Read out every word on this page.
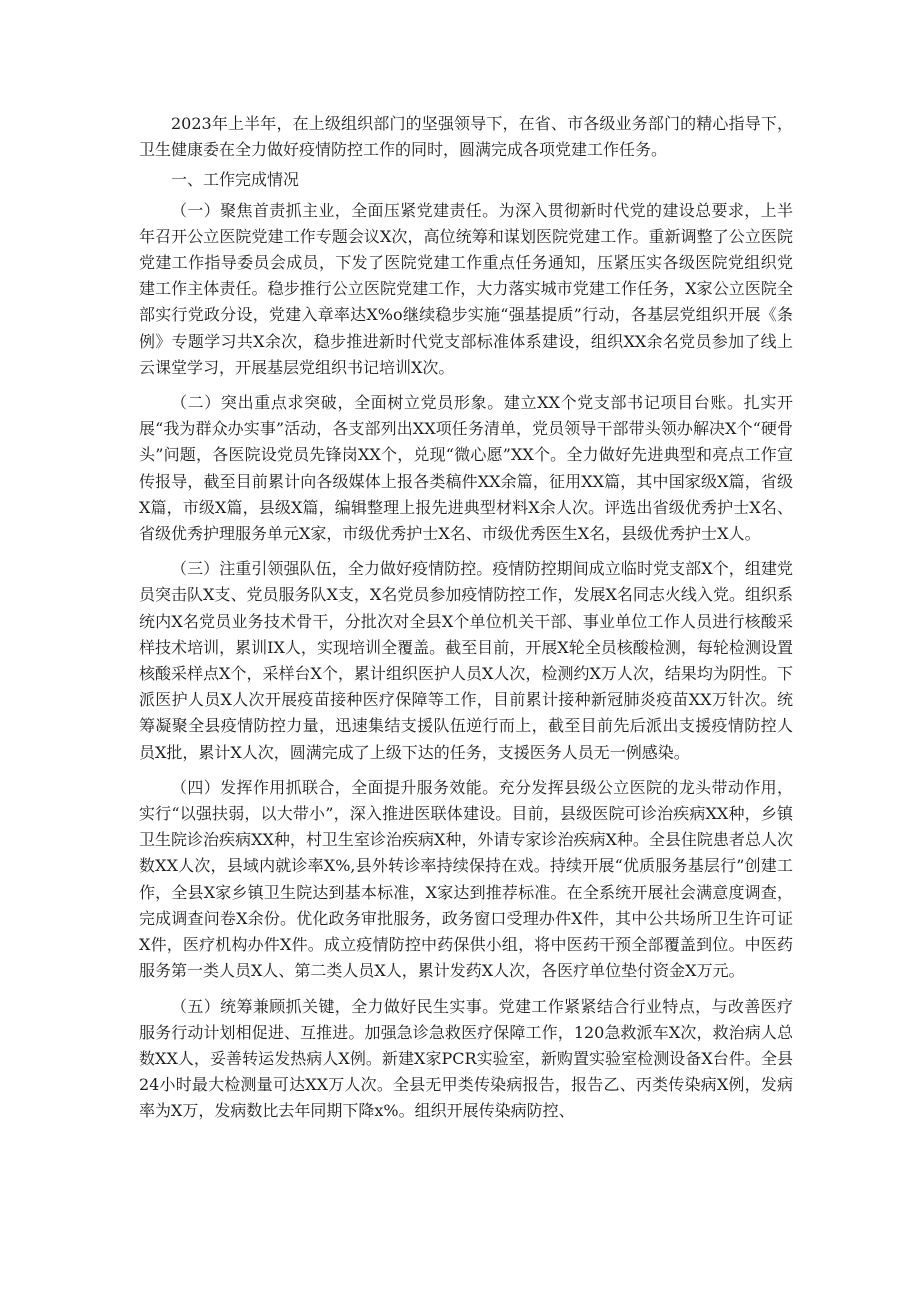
2023年上半年，在上级组织部门的坚强领导下，在省、市各级业务部门的精心指导下，卫生健康委在全力做好疫情防控工作的同时，圆满完成各项党建工作任务。

一、工作完成情况

（一）聚焦首责抓主业，全面压紧党建责任。为深入贯彻新时代党的建设总要求，上半年召开公立医院党建工作专题会议X次，高位统筹和谋划医院党建工作。重新调整了公立医院党建工作指导委员会成员，下发了医院党建工作重点任务通知，压紧压实各级医院党组织党建工作主体责任。稳步推行公立医院党建工作，大力落实城市党建工作任务，X家公立医院全部实行党政分设，党建入章率达X%o继续稳步实施“强基提质”行动，各基层党组织开展《条例》专题学习共X余次，稳步推进新时代党支部标准体系建设，组织XX余名党员参加了线上云课堂学习，开展基层党组织书记培训X次。

（二）突出重点求突破，全面树立党员形象。建立XX个党支部书记项目台账。扎实开展“我为群众办实事”活动，各支部列出XX项任务清单，党员领导干部带头领办解决X个“硬骨头”问题，各医院设党员先锋岗XX个，兑现“微心愿”XX个。全力做好先进典型和亮点工作宣传报导，截至目前累计向各级媒体上报各类稿件XX余篇，征用XX篇，其中国家级X篇，省级X篇，市级X篇，县级X篇，编辑整理上报先进典型材料X余人次。评选出省级优秀护士X名、省级优秀护理服务单元X家，市级优秀护士X名、市级优秀医生X名，县级优秀护士X人。

（三）注重引领强队伍，全力做好疫情防控。疫情防控期间成立临时党支部X个，组建党员突击队X支、党员服务队X支，X名党员参加疫情防控工作，发展X名同志火线入党。组织系统内X名党员业务技术骨干，分批次对全县X个单位机关干部、事业单位工作人员进行核酸采样技术培训，累训IX人，实现培训全覆盖。截至目前，开展X轮全员核酸检测，每轮检测设置核酸采样点X个，采样台X个，累计组织医护人员X人次，检测约X万人次，结果均为阴性。下派医护人员X人次开展疫苗接种医疗保障等工作，目前累计接种新冠肺炎疫苗XX万针次。统筹凝聚全县疫情防控力量，迅速集结支援队伍逆行而上，截至目前先后派出支援疫情防控人员X批，累计X人次，圆满完成了上级下达的任务，支援医务人员无一例感染。

（四）发挥作用抓联合，全面提升服务效能。充分发挥县级公立医院的龙头带动作用，实行“以强扶弱，以大带小”，深入推进医联体建设。目前，县级医院可诊治疾病XX种，乡镇卫生院诊治疾病XX种，村卫生室诊治疾病X种，外请专家诊治疾病X种。全县住院患者总人次数XX人次，县域内就诊率X%,县外转诊率持续保持在戏。持续开展“优质服务基层行”创建工作，全县X家乡镇卫生院达到基本标准，X家达到推荐标准。在全系统开展社会满意度调查，完成调查问卷X余份。优化政务审批服务，政务窗口受理办件X件，其中公共场所卫生许可证X件，医疗机构办件X件。成立疫情防控中药保供小组，将中医药干预全部覆盖到位。中医药服务第一类人员X人、第二类人员X人，累计发药X人次，各医疗单位垫付资金X万元。

（五）统筹兼顾抓关键，全力做好民生实事。党建工作紧紧结合行业特点，与改善医疗服务行动计划相促进、互推进。加强急诊急救医疗保障工作，120急救派车X次，救治病人总数XX人，妥善转运发热病人X例。新建X家PCR实验室，新购置实验室检测设备X台件。全县24小时最大检测量可达XX万人次。全县无甲类传染病报告，报告乙、丙类传染病X例，发病率为X万，发病数比去年同期下降x%。组织开展传染病防控、
